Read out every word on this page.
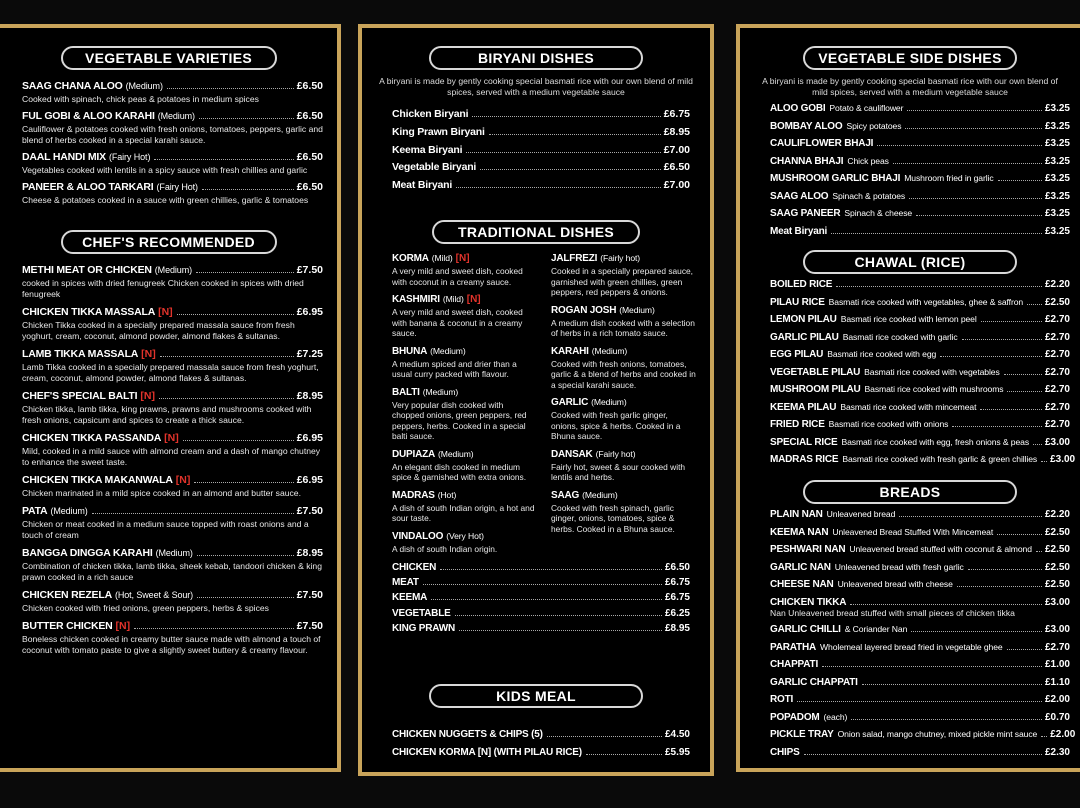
VEGETABLE VARIETIES
SAAG CHANA ALOO (Medium)	£6.50
Cooked with spinach, chick peas & potatoes in medium spices
FUL GOBI & ALOO KARAHI (Medium)	£6.50
Cauliflower & potatoes cooked with fresh onions, tomatoes, peppers, garlic and blend of herbs cooked in a special karahi sauce.
DAAL HANDI MIX (Fairy Hot)	£6.50
Vegetables cooked with lentils in a spicy sauce with fresh chillies and garlic
PANEER & ALOO TARKARI (Fairy Hot)	£6.50
Cheese & potatoes cooked in a sauce with green chillies, garlic & tomatoes
CHEF'S RECOMMENDED
METHI MEAT OR CHICKEN (Medium)	£7.50
cooked in spices with dried fenugreek Chicken cooked in spices with dried fenugreek
CHICKEN TIKKA MASSALA [N]	£6.95
Chicken Tikka cooked in a specially prepared massala sauce from fresh yoghurt, cream, coconut, almond powder, almond flakes & sultanas.
LAMB TIKKA MASSALA [N]	£7.25
Lamb Tikka cooked in a specially prepared massala sauce from fresh yoghurt, cream, coconut, almond powder, almond flakes & sultanas.
CHEF'S SPECIAL BALTI [N]	£8.95
Chicken tikka, lamb tikka, king prawns, prawns and mushrooms cooked with fresh onions, capsicum and spices to create a thick sauce.
CHICKEN TIKKA PASSANDA [N]	£6.95
Mild, cooked in a mild sauce with almond cream and a dash of mango chutney to enhance the sweet taste.
CHICKEN TIKKA MAKANWALA [N]	£6.95
Chicken marinated in a mild spice cooked in an almond and butter sauce.
PATA (Medium)	£7.50
Chicken or meat cooked in a medium sauce topped with roast onions and a touch of cream
BANGGA DINGGA KARAHI (Medium)	£8.95
Combination of chicken tikka, lamb tikka, sheek kebab, tandoori chicken & king prawn cooked in a rich sauce
CHICKEN REZELA (Hot, Sweet & Sour)	£7.50
Chicken cooked with fried onions, green peppers, herbs & spices
BUTTER CHICKEN [N]	£7.50
Boneless chicken cooked in creamy butter sauce made with almond a touch of coconut with tomato paste to give a slightly sweet buttery & creamy flavour.
BIRYANI DISHES
A biryani is made by gently cooking special basmati rice with our own blend of mild spices, served with a medium vegetable sauce
Chicken Biryani	£6.75
King Prawn Biryani	£8.95
Keema Biryani	£7.00
Vegetable Biryani	£6.50
Meat Biryani	£7.00
TRADITIONAL DISHES
KORMA (Mild) [N]
A very mild and sweet dish, cooked with coconut in a creamy sauce.
KASHMIRI (Mild) [N]
A very mild and sweet dish, cooked with banana & coconut in a creamy sauce.
BHUNA (Medium)
A medium spiced and drier than a usual curry packed with flavour.
BALTI (Medium)
Very popular dish cooked with chopped onions, green peppers, red peppers, herbs. Cooked in a special balti sauce.
DUPIAZA (Medium)
An elegant dish cooked in medium spice & garnished with extra onions.
MADRAS (Hot)
A dish of south Indian origin, a hot and sour taste.
VINDALOO (Very Hot)
A dish of south Indian origin.
JALFREZI (Fairly hot)
Cooked in a specially prepared sauce, garnished with green chillies, green peppers, red peppers & onions.
ROGAN JOSH (Medium)
A medium dish cooked with a selection of herbs in a rich tomato sauce.
KARAHI (Medium)
Cooked with fresh onions, tomatoes, garlic & a blend of herbs and cooked in a special karahi sauce.
GARLIC (Medium)
Cooked with fresh garlic ginger, onions, spice & herbs. Cooked in a Bhuna sauce.
DANSAK (Fairly hot)
Fairly hot, sweet & sour cooked with lentils and herbs.
SAAG (Medium)
Cooked with fresh spinach, garlic ginger, onions, tomatoes, spice & herbs. Cooked in a Bhuna sauce.
CHICKEN	£6.50
MEAT	£6.75
KEEMA	£6.75
VEGETABLE	£6.25
KING PRAWN	£8.95
KIDS MEAL
CHICKEN NUGGETS & CHIPS (5)	£4.50
CHICKEN KORMA [N] (WITH PILAU RICE)	£5.95
VEGETABLE SIDE DISHES
A biryani is made by gently cooking special basmati rice with our own blend of mild spices, served with a medium vegetable sauce
ALOO GOBI Potato & cauliflower	£3.25
BOMBAY ALOO Spicy potatoes	£3.25
CAULIFLOWER BHAJI	£3.25
CHANNA BHAJI Chick peas	£3.25
MUSHROOM GARLIC BHAJI Mushroom fried in garlic	£3.25
SAAG ALOO Spinach & potatoes	£3.25
SAAG PANEER Spinach & cheese	£3.25
Meat Biryani	£3.25
CHAWAL (RICE)
BOILED RICE	£2.20
PILAU RICE Basmati rice cooked with vegetables, ghee & saffron £2.50
LEMON PILAU Basmati rice cooked with lemon peel	£2.70
GARLIC PILAU Basmati rice cooked with garlic	£2.70
EGG PILAU Basmati rice cooked with egg	£2.70
VEGETABLE PILAU Basmati rice cooked with vegetables	£2.70
MUSHROOM PILAU Basmati rice cooked with mushrooms	£2.70
KEEMA PILAU Basmati rice cooked with mincemeat	£2.70
FRIED RICE Basmati rice cooked with onions	£2.70
SPECIAL RICE Basmati rice cooked with egg, fresh onions & peas £3.00
MADRAS RICE Basmati rice cooked with fresh garlic & green chillies £3.00
BREADS
PLAIN NAN Unleavened bread	£2.20
KEEMA NAN Unleavened Bread Stuffed With Mincemeat	£2.50
PESHWARI NAN Unleavened bread stuffed with coconut & almond £2.50
GARLIC NAN Unleavened bread with fresh garlic	£2.50
CHEESE NAN Unleavened bread with cheese	£2.50
CHICKEN TIKKA	£3.00
Nan Unleavened bread stuffed with small pieces of chicken tikka
GARLIC CHILLI & Coriander Nan	£3.00
PARATHA Wholemeal layered bread fried in vegetable ghee	£2.70
CHAPPATI	£1.00
GARLIC CHAPPATI	£1.10
ROTI	£2.00
POPADOM (each)	£0.70
PICKLE TRAY Onion salad, mango chutney, mixed pickle mint sauce £2.00
CHIPS	£2.30
